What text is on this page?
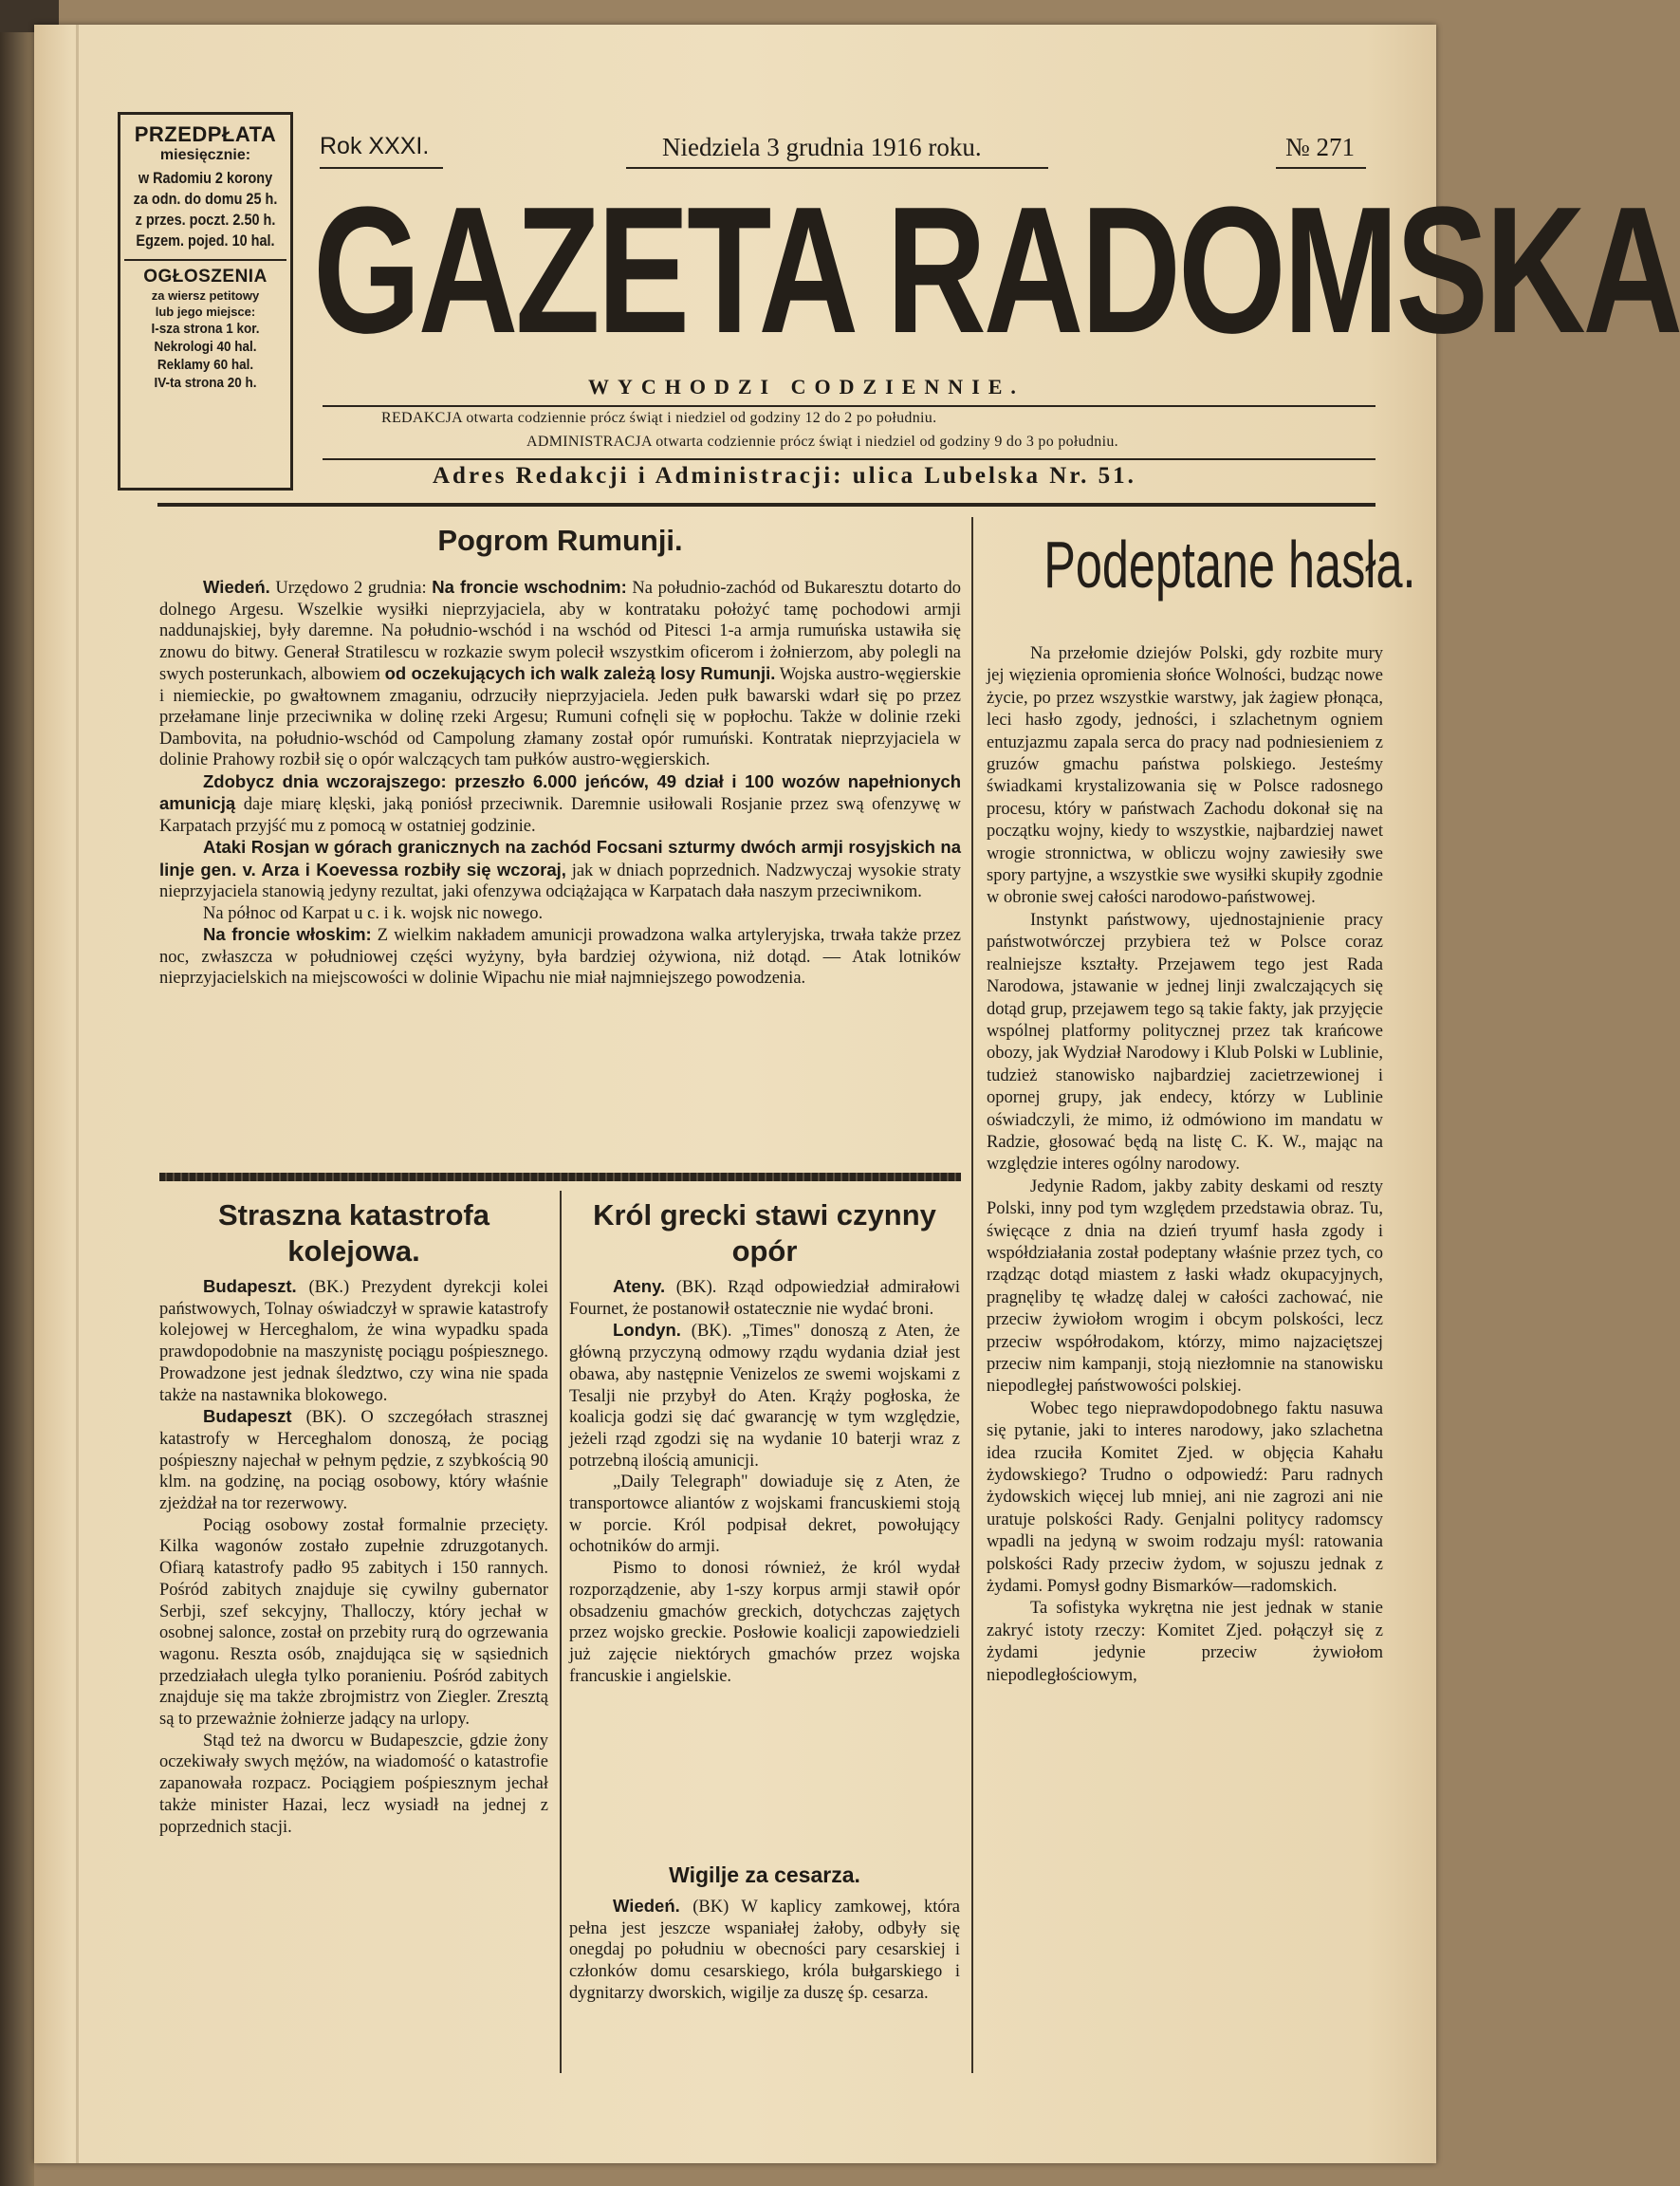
PRZEDPŁATA
miesięcznie:
w Radomiu 2 korony
za odn. do domu 25 h.
z przes. poczt. 2.50 h.
Egzem. pojed. 10 hal.
OGŁOSZENIA
za wiersz petitowy
lub jego miejsce:
I-sza strona 1 kor.
Nekrologi 40 hal.
Reklamy 60 hal.
IV-ta strona 20 h.
Rok XXXI.	Niedziela 3 grudnia 1916 roku.	№ 271
GAZETA RADOMSKA
WYCHODZI CODZIENNIE.
REDAKCJA otwarta codziennie prócz świąt i niedziel od godziny 12 do 2 po południu.
ADMINISTRACJA otwarta codziennie prócz świąt i niedziel od godziny 9 do 3 po południu.
Adres Redakcji i Administracji: ulica Lubelska Nr. 51.
Pogrom Rumunji.

Wiedeń. Urzędowo 2 grudnia: Na froncie wschodnim: Na południo-zachód od Bukaresztu dotarto do dolnego Argesu. Wszelkie wysiłki nieprzyjaciela, aby w kontrataku położyć tamę pochodowi armji naddunajskiej, były daremne. Na południo-wschód i na wschód od Pitesci 1-a armja rumuńska ustawiła się znowu do bitwy. Generał Stratilescu w rozkazie swym polecił wszystkim oficerom i żołnierzom, aby polegli na swych posterunkach, albowiem od oczekujących ich walk zależą losy Rumunji. Wojska austro-węgierskie i niemieckie, po gwałtownem zmaganiu, odrzuciły nieprzyjaciela. Jeden pułk bawarski wdarł się po przez przełamane linje przeciwnika w dolinę rzeki Argesu; Rumuni cofnęli się w popłochu. Także w dolinie rzeki Dambovita, na południo-wschód od Campolung złamany został opór rumuński. Kontratak nieprzyjaciela w dolinie Prahowy rozbił się o opór walczących tam pułków austro-węgierskich.

Zdobycz dnia wczorajszego: przeszło 6.000 jeńców, 49 dział i 100 wozów napełnionych amunicją daje miarę klęski, jaką poniósł przeciwnik. Daremnie usiłowali Rosjanie przez swą ofenzywę w Karpatach przyjść mu z pomocą w ostatniej godzinie.

Ataki Rosjan w górach granicznych na zachód Focsani szturmy dwóch armji rosyjskich na linje gen. v. Arza i Koevessa rozbiły się wczoraj, jak w dniach poprzednich. Nadzwyczaj wysokie straty nieprzyjaciela stanowią jedyny rezultat, jaki ofenzywa odciążająca w Karpatach dała naszym przeciwnikom.

Na północ od Karpat u c. i k. wojsk nic nowego.

Na froncie włoskim: Z wielkim nakładem amunicji prowadzona walka artyleryjska, trwała także przez noc, zwłaszcza w południowej części wyżyny, była bardziej ożywiona, niż dotąd. — Atak lotników nieprzyjacielskich na miejscowości w dolinie Wipachu nie miał najmniejszego powodzenia.

Podeptane hasła.

Na przełomie dziejów Polski, gdy rozbite mury jej więzienia opromienia słońce Wolności, budząc nowe życie, po przez wszystkie warstwy, jak żagiew płonąca, leci hasło zgody, jedności, i szlachetnym ogniem entuzjazmu zapala serca do pracy nad podniesieniem z gruzów gmachu państwa polskiego. Jesteśmy świadkami krystalizowania się w Polsce radosnego procesu, który w państwach Zachodu dokonał się na początku wojny, kiedy to wszystkie, najbardziej nawet wrogie stronnictwa, w obliczu wojny zawiesiły swe spory partyjne, a wszystkie swe wysiłki skupiły zgodnie w obronie swej całości narodowo-państwowej.

Instynkt państwowy, ujednostajnienie pracy państwotwórczej przybiera też w Polsce coraz realniejsze kształty. Przejawem tego jest Rada Narodowa, jstawanie w jednej linji zwalczających się dotąd grup, przejawem tego są takie fakty, jak przyjęcie wspólnej platformy politycznej przez tak krańcowe obozy, jak Wydział Narodowy i Klub Polski w Lublinie, tudzież stanowisko najbardziej zacietrzewionej i opornej grupy, jak endecy, którzy w Lublinie oświadczyli, że mimo, iż odmówiono im mandatu w Radzie, głosować będą na listę C. K. W., mając na względzie interes ogólny narodowy.

Jedynie Radom, jakby zabity deskami od reszty Polski, inny pod tym względem przedstawia obraz. Tu, święcące z dnia na dzień tryumf hasła zgody i współdziałania został podeptany właśnie przez tych, co rządząc dotąd miastem z łaski władz okupacyjnych, pragnęliby tę władzę dalej w całości zachować, nie przeciw żywiołom wrogim i obcym polskości, lecz przeciw współrodakom, którzy, mimo najzaciętszej przeciw nim kampanji, stoją niezłomnie na stanowisku niepodległej państwowości polskiej.

Wobec tego nieprawdopodobnego faktu nasuwa się pytanie, jaki to interes narodowy, jako szlachetna idea rzuciła Komitet Zjed. w objęcia Kahału żydowskiego? Trudno o odpowiedź: Paru radnych żydowskich więcej lub mniej, ani nie zagrozi ani nie uratuje polskości Rady. Genjalni politycy radomscy wpadli na jedyną w swoim rodzaju myśl: ratowania polskości Rady przeciw żydom, w sojuszu jednak z żydami. Pomysł godny Bismarków—radomskich.

Ta sofistyka wykrętna nie jest jednak w stanie zakryć istoty rzeczy: Komitet Zjed. połączył się z żydami jedynie przeciw żywiołom niepodległościowym,

Straszna katastrofa
kolejowa.

Budapeszt. (BK.) Prezydent dyrekcji kolei państwowych, Tolnay oświadczył w sprawie katastrofy kolejowej w Herceghalom, że wina wypadku spada prawdopodobnie na maszynistę pociągu pośpiesznego. Prowadzone jest jednak śledztwo, czy wina nie spada także na nastawnika blokowego.

Budapeszt (BK). O szczegółach strasznej katastrofy w Herceghalom donoszą, że pociąg pośpieszny najechał w pełnym pędzie, z szybkością 90 klm. na godzinę, na pociąg osobowy, który właśnie zjeżdżał na tor rezerwowy.

Pociąg osobowy został formalnie przecięty. Kilka wagonów zostało zupełnie zdruzgotanych. Ofiarą katastrofy padło 95 zabitych i 150 rannych. Pośród zabitych znajduje się cywilny gubernator Serbji, szef sekcyjny, Thalloczy, który jechał w osobnej salonce, został on przebity rurą do ogrzewania wagonu. Reszta osób, znajdująca się w sąsiednich przedziałach uległa tylko poranieniu. Pośród zabitych znajduje się ma także zbrojmistrz von Ziegler. Zresztą są to przeważnie żołnierze jadący na urlopy.

Stąd też na dworcu w Budapeszcie, gdzie żony oczekiwały swych mężów, na wiadomość o katastrofie zapanowała rozpacz. Pociągiem pośpiesznym jechał także minister Hazai, lecz wysiadł na jednej z poprzednich stacji.

Król grecki stawi czynny
opór

Ateny. (BK). Rząd odpowiedział admirałowi Fournet, że postanowił ostatecznie nie wydać broni.

Londyn. (BK). „Times" donoszą z Aten, że główną przyczyną odmowy rządu wydania dział jest obawa, aby następnie Venizelos ze swemi wojskami z Tesalji nie przybył do Aten. Krąży pogłoska, że koalicja godzi się dać gwarancję w tym względzie, jeżeli rząd zgodzi się na wydanie 10 baterji wraz z potrzebną ilością amunicji.

„Daily Telegraph" dowiaduje się z Aten, że transportowce aliantów z wojskami francuskiemi stoją w porcie. Król podpisał dekret, powołujący ochotników do armji.

Pismo to donosi również, że król wydał rozporządzenie, aby 1-szy korpus armji stawił opór obsadzeniu gmachów greckich, dotychczas zajętych przez wojsko greckie. Posłowie koalicji zapowiedzieli już zajęcie niektórych gmachów przez wojska francuskie i angielskie.

Wigilje za cesarza.

Wiedeń. (BK) W kaplicy zamkowej, która pełna jest jeszcze wspaniałej żałoby, odbyły się onegdaj po południu w obecności pary cesarskiej i członków domu cesarskiego, króla bułgarskiego i dygnitarzy dworskich, wigilje za duszę śp. cesarza.
